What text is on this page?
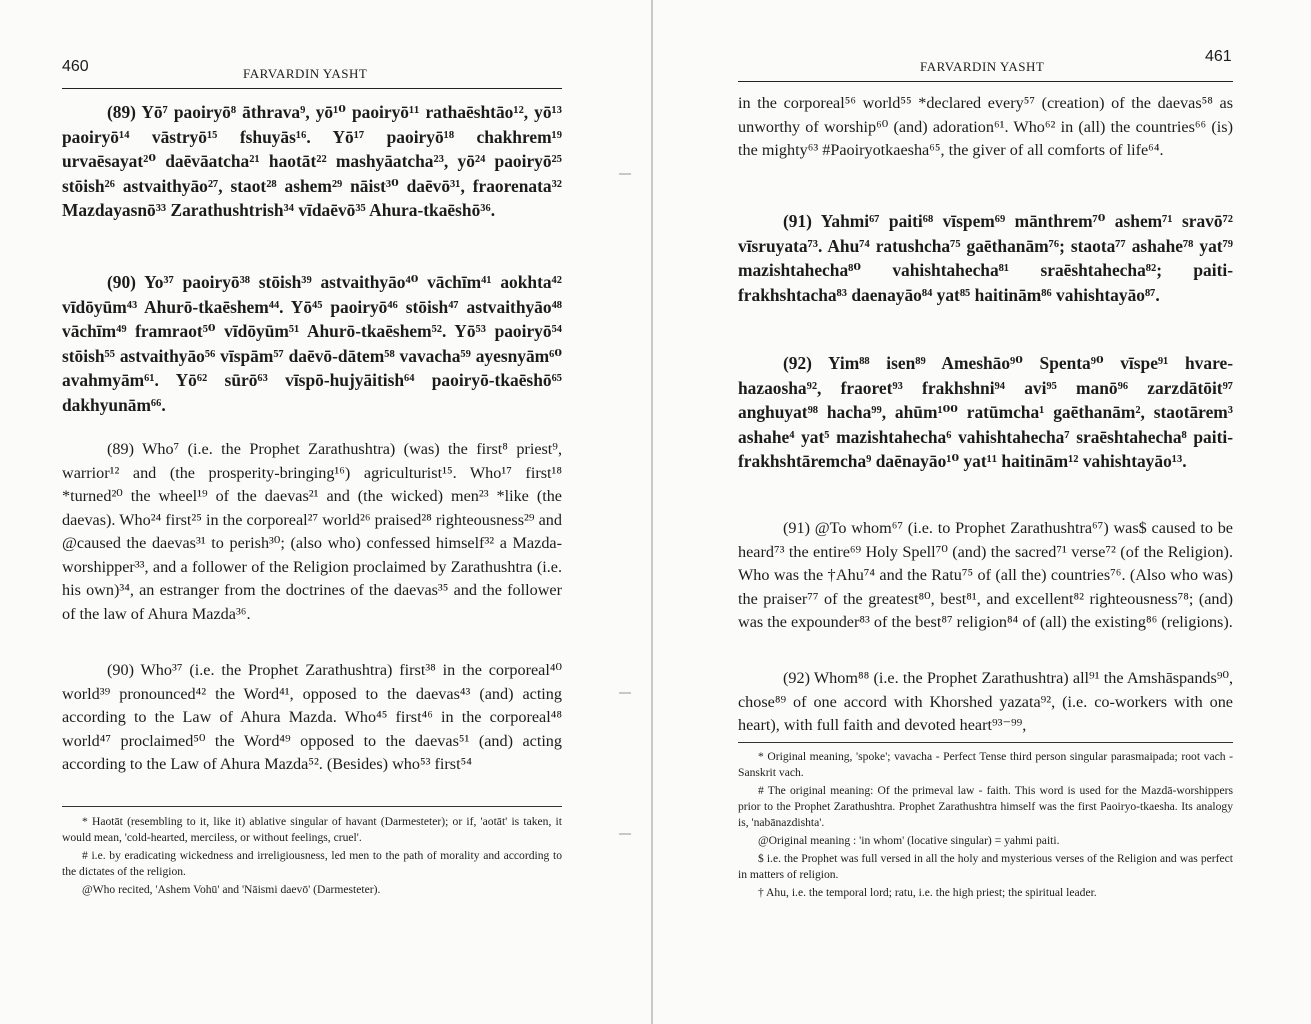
460	FARVARDIN YASHT

(89) Yō⁷ paoiryō⁸ āthrava⁹, yō¹⁰ paoiryō¹¹ rathaēshtāo¹², yō¹³ paoiryō¹⁴ vāstryō¹⁵ fshuyās¹⁶. Yō¹⁷ paoiryō¹⁸ chakhrem¹⁹ urvaēsayat²⁰ daēvāatcha²¹ haotāt²² mashyāatcha²³, yō²⁴ paoiryō²⁵ stōish²⁶ astvaithyāo²⁷, staot²⁸ ashem²⁹ nāist³⁰ daēvō³¹, fraorenata³² Mazdayasnō³³ Zarathushtrish³⁴ vīdaēvō³⁵ Ahura-tkaēshō³⁶.

(90) Yo³⁷ paoiryō³⁸ stōish³⁹ astvaithyāo⁴⁰ vāchīm⁴¹ aokhta⁴² vīdōyūm⁴³ Ahurō-tkaēshem⁴⁴. Yō⁴⁵ paoiryō⁴⁶ stōish⁴⁷ astvaithyāo⁴⁸ vāchīm⁴⁹ framraot⁵⁰ vīdōyūm⁵¹ Ahurō-tkaēshem⁵². Yō⁵³ paoiryō⁵⁴ stōish⁵⁵ astvaithyāo⁵⁶ vīspām⁵⁷ daēvō-dātem⁵⁸ vavacha⁵⁹ ayesnyām⁶⁰ avahmyām⁶¹. Yō⁶² sūrō⁶³ vīspō-hujyāitish⁶⁴ paoiryō-tkaēshō⁶⁵ dakhyunām⁶⁶.

(89) Who⁷ (i.e. the Prophet Zarathushtra) (was) the first⁸ priest⁹, warrior¹² and (the prosperity-bringing¹⁶) agriculturist¹⁵. Who¹⁷ first¹⁸ *turned²⁰ the wheel¹⁹ of the daevas²¹ and (the wicked) men²³ *like (the daevas). Who²⁴ first²⁵ in the corporeal²⁷ world²⁶ praised²⁸ righteousness²⁹ and @caused the daevas³¹ to perish³⁰; (also who) confessed himself³² a Mazda-worshipper³³, and a follower of the Religion proclaimed by Zarathushtra (i.e. his own)³⁴, an estranger from the doctrines of the daevas³⁵ and the follower of the law of Ahura Mazda³⁶.

(90) Who³⁷ (i.e. the Prophet Zarathushtra) first³⁸ in the corporeal⁴⁰ world³⁹ pronounced⁴² the Word⁴¹, opposed to the daevas⁴³ (and) acting according to the Law of Ahura Mazda. Who⁴⁵ first⁴⁶ in the corporeal⁴⁸ world⁴⁷ proclaimed⁵⁰ the Word⁴⁹ opposed to the daevas⁵¹ (and) acting according to the Law of Ahura Mazda⁵². (Besides) who⁵³ first⁵⁴

* Haotāt (resembling to it, like it) ablative singular of havant (Darmesteter); or if, 'aotāt' is taken, it would mean, 'cold-hearted, merciless, or without feelings, cruel'.

# i.e. by eradicating wickedness and irreligiousness, led men to the path of morality and according to the dictates of the religion.

@Who recited, 'Ashem Vohū' and 'Nāismi daevō' (Darmesteter).

461
FARVARDIN YASHT

in the corporeal⁵⁶ world⁵⁵ *declared every⁵⁷ (creation) of the daevas⁵⁸ as unworthy of worship⁶⁰ (and) adoration⁶¹. Who⁶² in (all) the countries⁶⁶ (is) the mighty⁶³ #Paoiryotkaesha⁶⁵, the giver of all comforts of life⁶⁴.

(91) Yahmi⁶⁷ paiti⁶⁸ vīspem⁶⁹ mānthrem⁷⁰ ashem⁷¹ sravō⁷² vīsruyata⁷³. Ahu⁷⁴ ratushcha⁷⁵ gaēthanām⁷⁶; staota⁷⁷ ashahe⁷⁸ yat⁷⁹ mazishtahecha⁸⁰ vahishtahecha⁸¹ sraēshtahecha⁸²; paiti-frakhshtacha⁸³ daenayāo⁸⁴ yat⁸⁵ haitinām⁸⁶ vahishtayāo⁸⁷.

(92) Yim⁸⁸ isen⁸⁹ Ameshāo⁹⁰ Spenta⁹⁰ vīspe⁹¹ hvare-hazaosha⁹², fraoret⁹³ frakhshni⁹⁴ avi⁹⁵ manō⁹⁶ zarzdātōit⁹⁷ anghuyat⁹⁸ hacha⁹⁹, ahūm¹⁰⁰ ratūmcha¹ gaēthanām², staotārem³ ashahe⁴ yat⁵ mazishtahecha⁶ vahishtahecha⁷ sraēshtahecha⁸ paiti-frakhshtāremcha⁹ daēnayāo¹⁰ yat¹¹ haitinām¹² vahishtayāo¹³.

(91) @To whom⁶⁷ (i.e. to Prophet Zarathushtra⁶⁷) was$ caused to be heard⁷³ the entire⁶⁹ Holy Spell⁷⁰ (and) the sacred⁷¹ verse⁷² (of the Religion). Who was the †Ahu⁷⁴ and the Ratu⁷⁵ of (all the) countries⁷⁶. (Also who was) the praiser⁷⁷ of the greatest⁸⁰, best⁸¹, and excellent⁸² righteousness⁷⁸; (and) was the expounder⁸³ of the best⁸⁷ religion⁸⁴ of (all) the existing⁸⁶ (religions).

(92) Whom⁸⁸ (i.e. the Prophet Zarathushtra) all⁹¹ the Amshāspands⁹⁰, chose⁸⁹ of one accord with Khorshed yazata⁹², (i.e. co-workers with one heart), with full faith and devoted heart⁹³⁻⁹⁹,

* Original meaning, 'spoke'; vavacha - Perfect Tense third person singular parasmaipada; root vach - Sanskrit vach.

# The original meaning: Of the primeval law - faith. This word is used for the Mazdā-worshippers prior to the Prophet Zarathushtra. Prophet Zarathushtra himself was the first Paoiryo-tkaesha. Its analogy is, 'nabānazdishta'.

@Original meaning : 'in whom' (locative singular) = yahmi paiti.

$ i.e. the Prophet was full versed in all the holy and mysterious verses of the Religion and was perfect in matters of religion.

† Ahu, i.e. the temporal lord; ratu, i.e. the high priest; the spiritual leader.
